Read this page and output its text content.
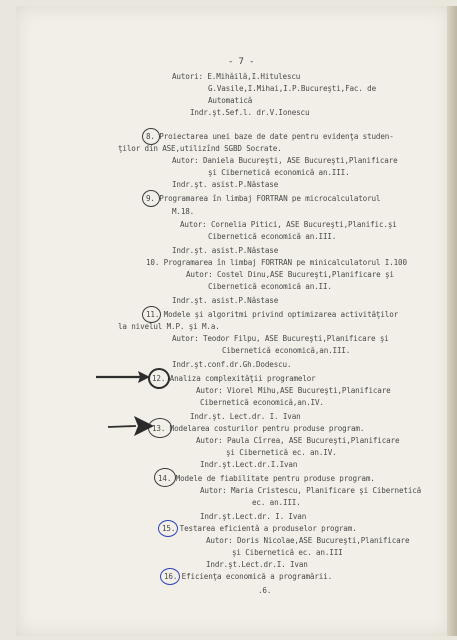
- 7 -
Autori: E.Mihăilă,I.Hitulescu
G.Vasile,I.Mihai,I.P.Bucureşti,Fac. de
Automatică
Indr.şt.Sef.l. dr.V.Ionescu
8. Proiectarea unei baze de date pentru evidenţa studen-
ţilor din ASE,utilizînd SGBD Socrate.
Autor: Daniela Bucureşti, ASE Bucureşti,Planificare
şi Cibernetică economică an.III.
Indr.şt. asist.P.Năstase
9. Programarea în limbaj FORTRAN pe microcalculatorul
M.18.
Autor: Cornelia Pitici, ASE Bucureşti,Planific.şi
Cibernetică economică an.III.
Indr.şt. asist.P.Năstase
10. Programarea în limbaj FORTRAN pe minicalculatorul I.100
Autor: Costel Dinu,ASE Bucureşti,Planificare şi
Cibernetică economică an.II.
Indr.şt. asist.P.Năstase
11. Modele şi algoritmi privind optimizarea activităţilor
la nivelul M.P. şi M.a.
Autor: Teodor Filpu, ASE Bucureşti,Planificare şi
Cibernetică economică,an.III.
Indr.şt.conf.dr.Gh.Dodescu.
12. Analiza complexităţii programelor
Autor: Viorel Mihu,ASE Bucureşti,Planificare
Cibernetică economică,an.IV.
Indr.şt. Lect.dr. I. Ivan
13. Modelarea costurilor pentru produse program.
Autor: Paula Cîrrea, ASE Bucureşti,Planificare
şi Cibernetică ec. an.IV.
Indr.şt.Lect.dr.I.Ivan
14. Modele de fiabilitate pentru produse program.
Autor: Maria Cristescu, Planificare şi Cibernetică
ec. an.III.
Indr.şt.Lect.dr. I. Ivan
15. Testarea eficientă a produselor program.
Autor: Doris Nicolae,ASE Bucureşti,Planificare
şi Cibernetică ec. an.III
Indr.şt.Lect.dr.I. Ivan
16. Eficienţa economică a programării.
.6.
